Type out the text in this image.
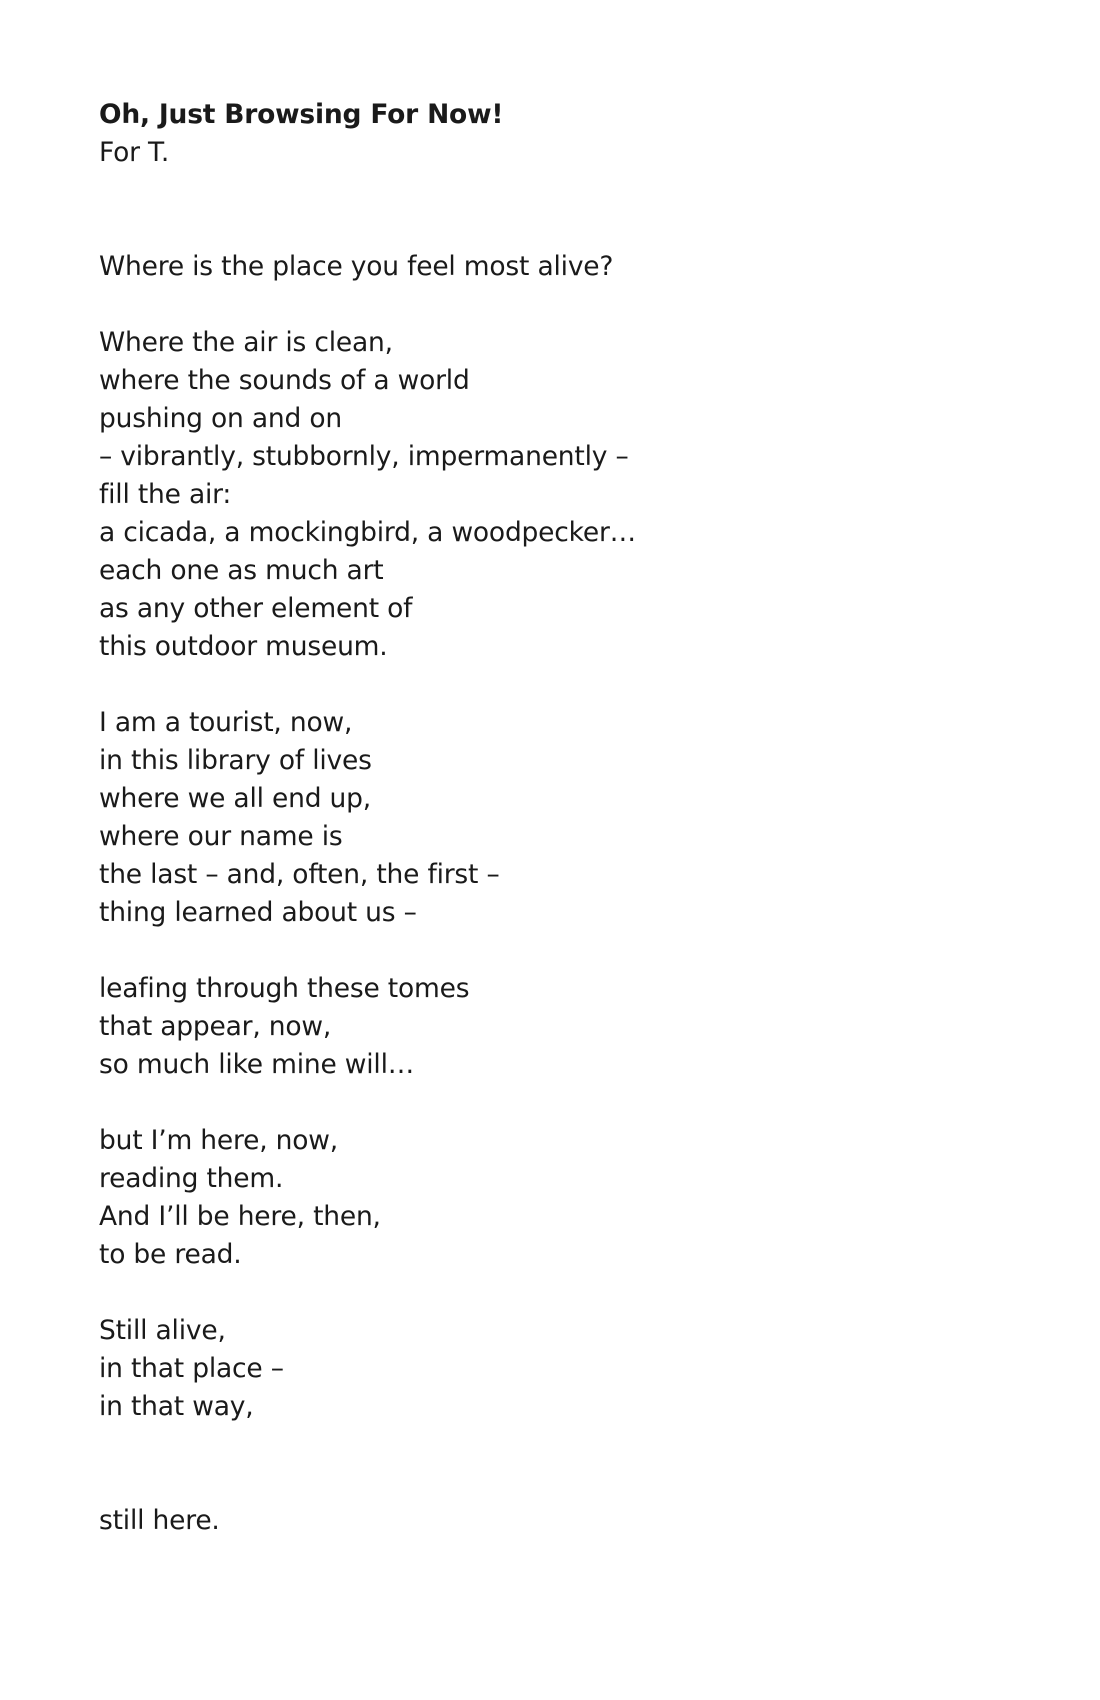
Oh, Just Browsing For Now!
For T.
Where is the place you feel most alive?
Where the air is clean,
where the sounds of a world
pushing on and on
– vibrantly, stubbornly, impermanently –
fill the air:
a cicada, a mockingbird, a woodpecker…
each one as much art
as any other element of
this outdoor museum.
I am a tourist, now,
in this library of lives
where we all end up,
where our name is
the last – and, often, the first –
thing learned about us –
leafing through these tomes
that appear, now,
so much like mine will…
but I’m here, now,
reading them.
And I’ll be here, then,
to be read.
Still alive,
in that place –
in that way,
still here.
